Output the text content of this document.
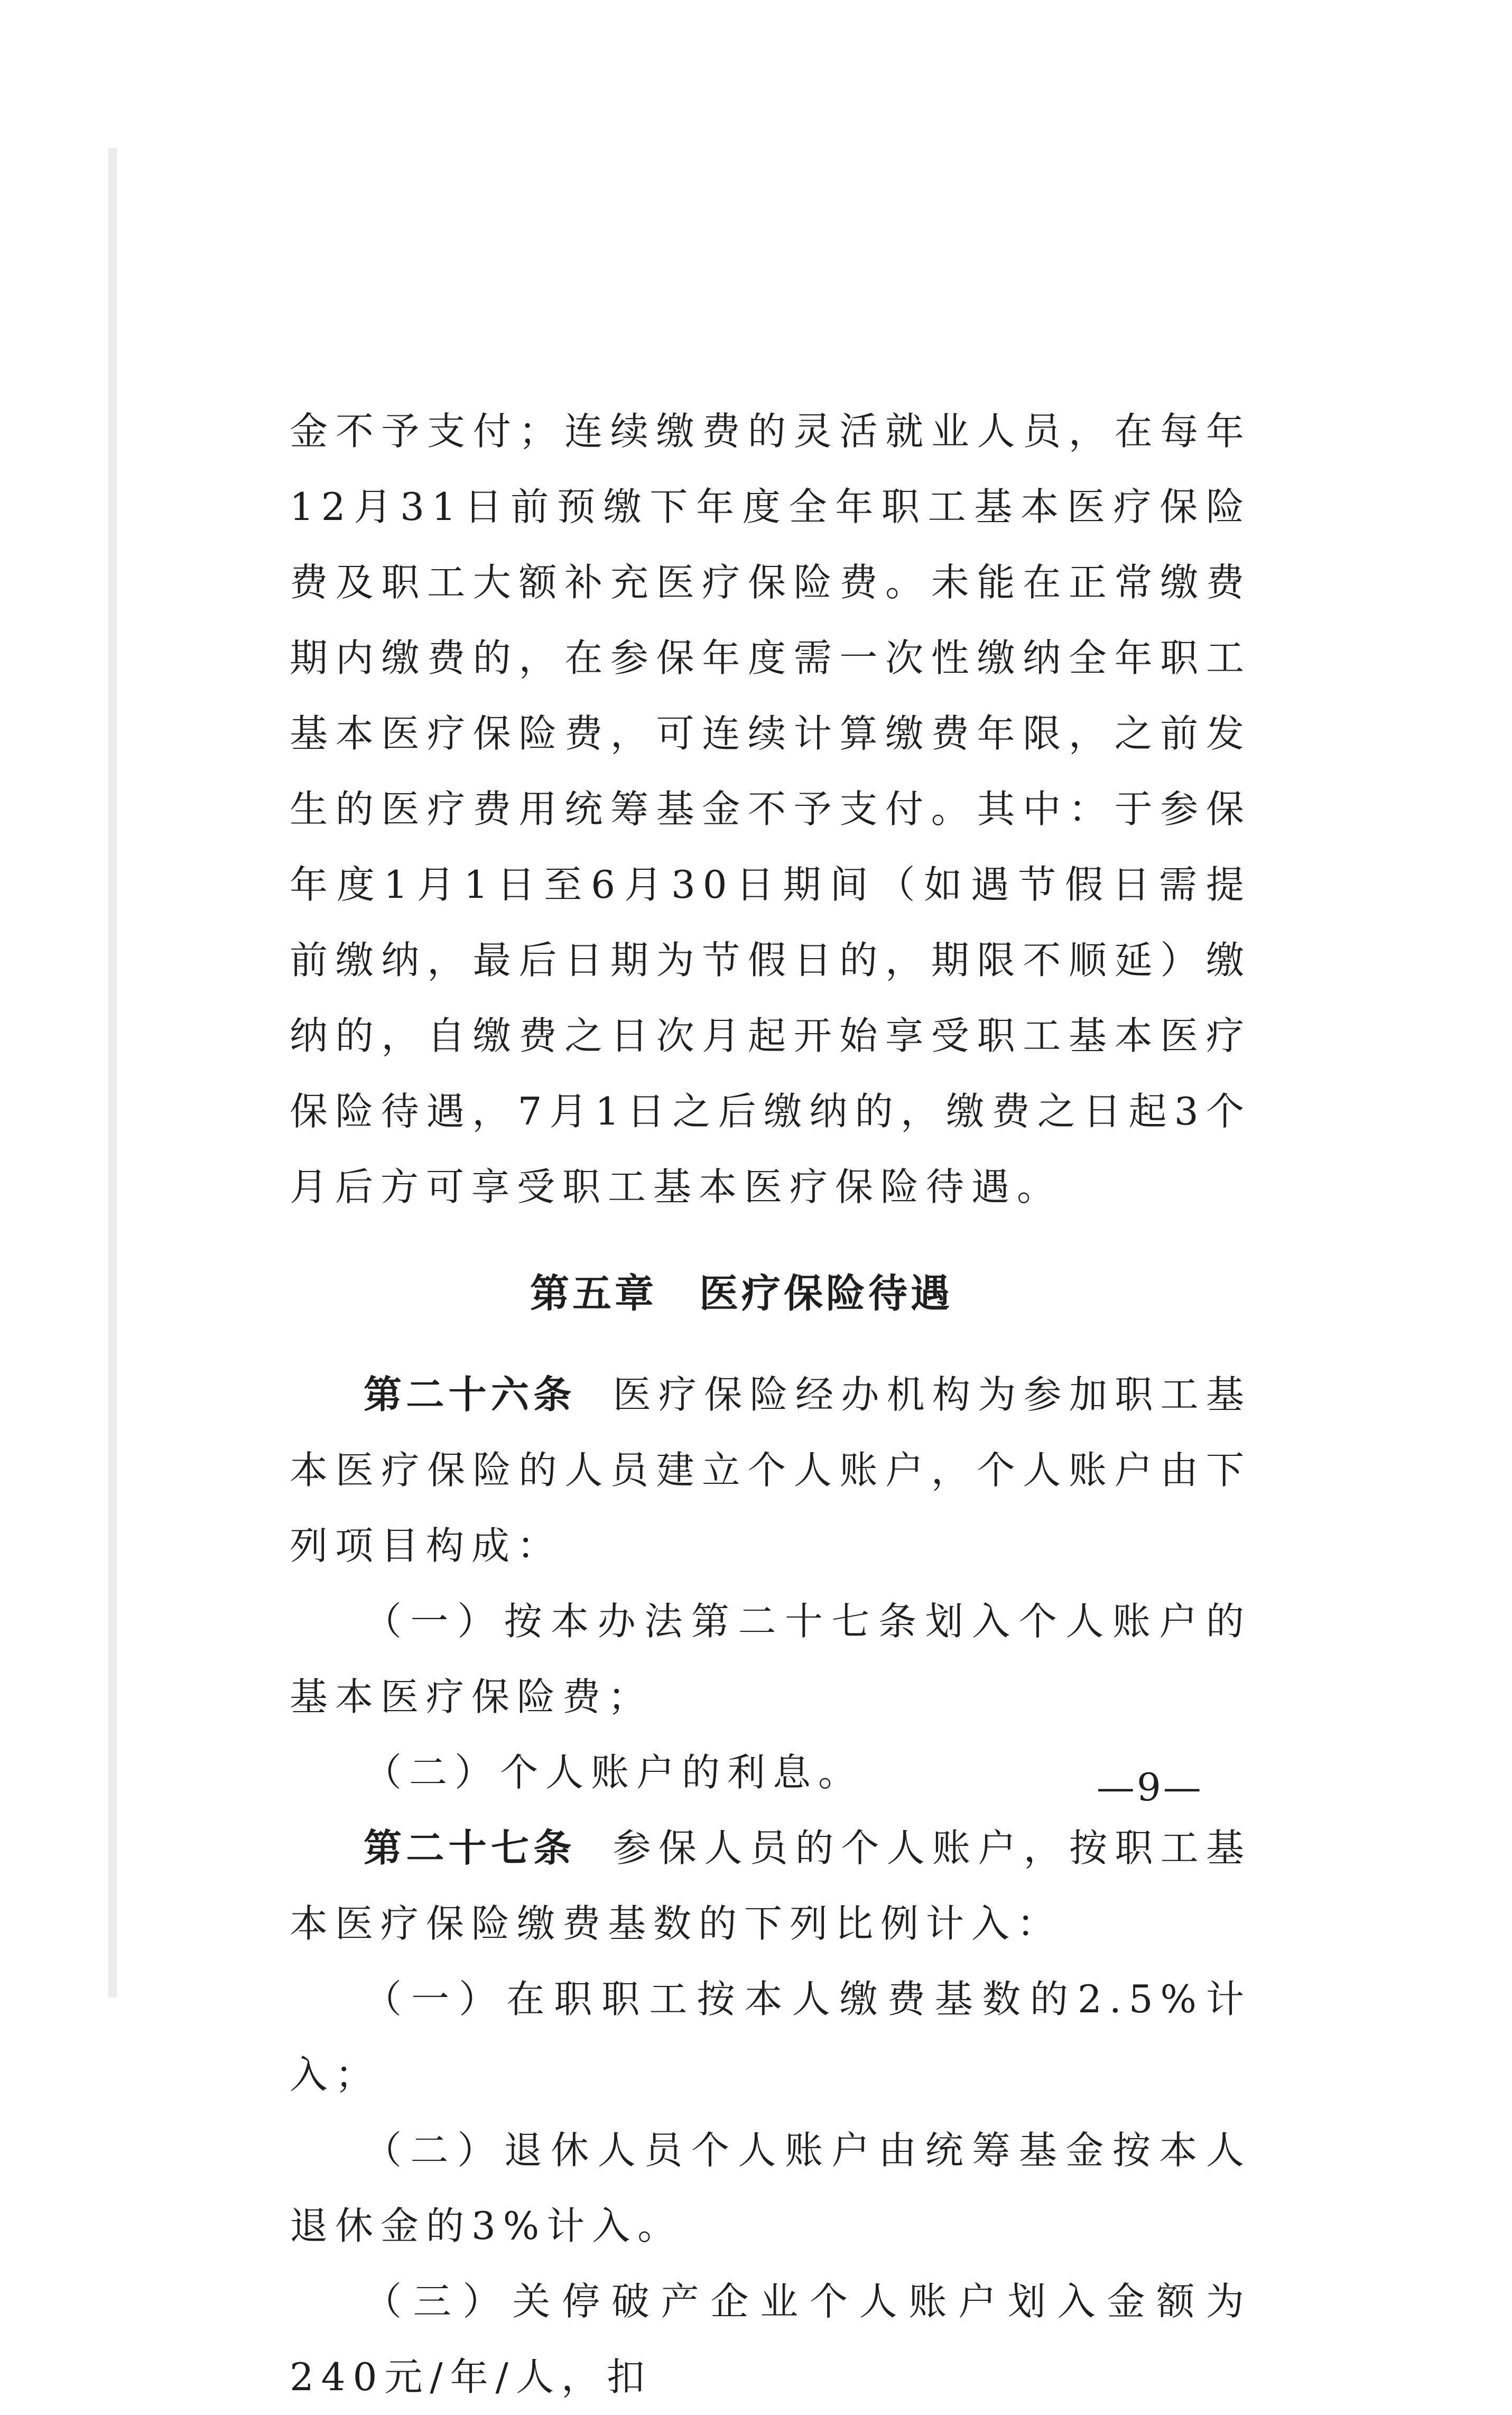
金不予支付；连续缴费的灵活就业人员，在每年12月31日前预缴下年度全年职工基本医疗保险费及职工大额补充医疗保险费。未能在正常缴费期内缴费的，在参保年度需一次性缴纳全年职工基本医疗保险费，可连续计算缴费年限，之前发生的医疗费用统筹基金不予支付。其中：于参保年度1月1日至6月30日期间（如遇节假日需提前缴纳，最后日期为节假日的，期限不顺延）缴纳的，自缴费之日次月起开始享受职工基本医疗保险待遇，7月1日之后缴纳的，缴费之日起3个月后方可享受职工基本医疗保险待遇。

第五章 医疗保险待遇

第二十六条 医疗保险经办机构为参加职工基本医疗保险的人员建立个人账户，个人账户由下列项目构成：

（一）按本办法第二十七条划入个人账户的基本医疗保险费；

（二）个人账户的利息。

第二十七条 参保人员的个人账户，按职工基本医疗保险缴费基数的下列比例计入：

（一）在职职工按本人缴费基数的2.5%计入；

（二）退休人员个人账户由统筹基金按本人退休金的3%计入。

（三）关停破产企业个人账户划入金额为240元/年/人，扣

—9—
